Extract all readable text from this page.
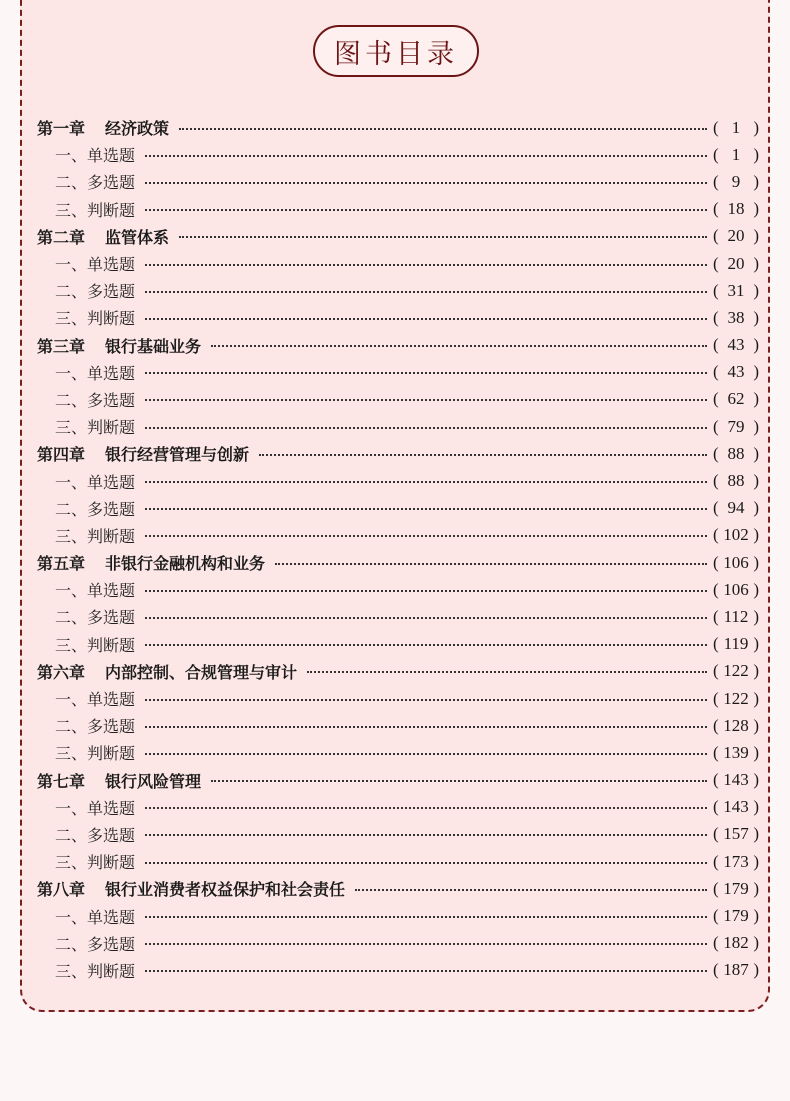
图书目录
第一章 经济政策	( 1 )
一、单选题	( 1 )
二、多选题	( 9 )
三、判断题	( 18 )
第二章 监管体系	( 20 )
一、单选题	( 20 )
二、多选题	( 31 )
三、判断题	( 38 )
第三章 银行基础业务	( 43 )
一、单选题	( 43 )
二、多选题	( 62 )
三、判断题	( 79 )
第四章 银行经营管理与创新	( 88 )
一、单选题	( 88 )
二、多选题	( 94 )
三、判断题	( 102 )
第五章 非银行金融机构和业务	( 106 )
一、单选题	( 106 )
二、多选题	( 112 )
三、判断题	( 119 )
第六章 内部控制、合规管理与审计	( 122 )
一、单选题	( 122 )
二、多选题	( 128 )
三、判断题	( 139 )
第七章 银行风险管理	( 143 )
一、单选题	( 143 )
二、多选题	( 157 )
三、判断题	( 173 )
第八章 银行业消费者权益保护和社会责任	( 179 )
一、单选题	( 179 )
二、多选题	( 182 )
三、判断题	( 187 )
